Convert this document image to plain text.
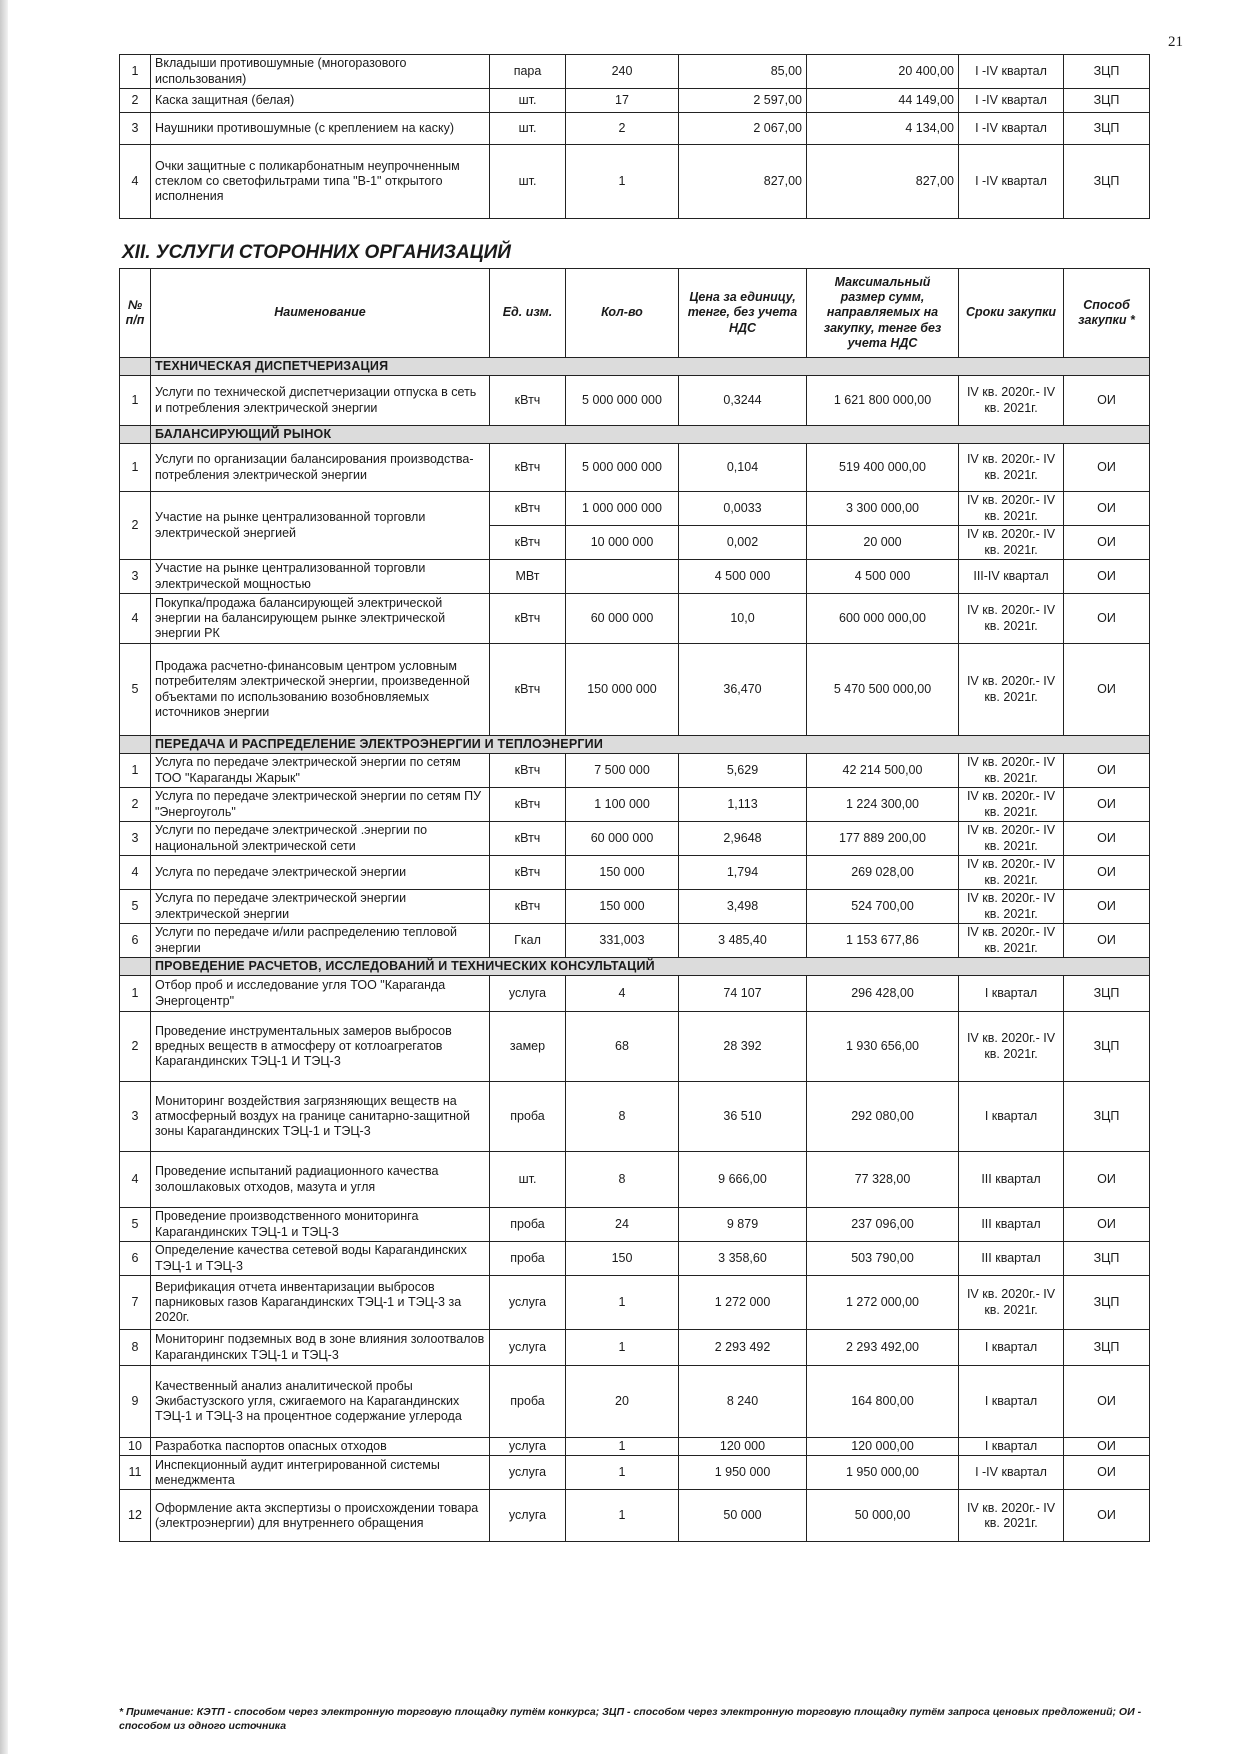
21
1	Вкладыши противошумные (многоразового использования)	пара	240	85,00	20 400,00	I -IV квартал	ЗЦП
2	Каска защитная (белая)	шт.	17	2 597,00	44 149,00	I -IV квартал	ЗЦП
3	Наушники противошумные (с креплением на каску)	шт.	2	2 067,00	4 134,00	I -IV квартал	ЗЦП
4	Очки защитные с поликарбонатным неупрочненным стеклом со светофильтрами типа "В-1" открытого исполнения	шт.	1	827,00	827,00	I -IV квартал	ЗЦП
XII. УСЛУГИ СТОРОННИХ ОРГАНИЗАЦИЙ
№ п/п	Наименование	Ед. изм.	Кол-во	Цена за единицу, тенге, без учета НДС	Максимальный размер сумм, направляемых на закупку, тенге без учета НДС	Сроки закупки	Способ закупки *
	ТЕХНИЧЕСКАЯ ДИСПЕТЧЕРИЗАЦИЯ						
1	Услуги по технической диспетчеризации отпуска в сеть и потребления электрической энергии	кВтч	5 000 000 000	0,3244	1 621 800 000,00	IV кв. 2020г.- IV кв. 2021г.	ОИ
	БАЛАНСИРУЮЩИЙ РЫНОК						
1	Услуги по организации балансирования производства-потребления электрической энергии	кВтч	5 000 000 000	0,104	519 400 000,00	IV кв. 2020г.- IV кв. 2021г.	ОИ
2	Участие на рынке централизованной торговли электрической энергией	кВтч	1 000 000 000	0,0033	3 300 000,00	IV кв. 2020г.- IV кв. 2021г.	ОИ
		кВтч	10 000 000	0,002	20 000	IV кв. 2020г.- IV кв. 2021г.	ОИ
3	Участие на рынке централизованной торговли электрической мощностью	МВт		4 500 000	4 500 000	III-IV квартал	ОИ
4	Покупка/продажа балансирующей электрической энергии на балансирующем рынке электрической энергии РК	кВтч	60 000 000	10,0	600 000 000,00	IV кв. 2020г.- IV кв. 2021г.	ОИ
5	Продажа расчетно-финансовым центром условным потребителям электрической энергии, произведенной объектами по использованию возобновляемых источников энергии	кВтч	150 000 000	36,470	5 470 500 000,00	IV кв. 2020г.- IV кв. 2021г.	ОИ
	ПЕРЕДАЧА И РАСПРЕДЕЛЕНИЕ ЭЛЕКТРОЭНЕРГИИ И ТЕПЛОЭНЕРГИИ						
1	Услуга по передаче электрической энергии по сетям ТОО "Караганды Жарык"	кВтч	7 500 000	5,629	42 214 500,00	IV кв. 2020г.- IV кв. 2021г.	ОИ
2	Услуга по передаче электрической энергии по сетям ПУ "Энергоуголь"	кВтч	1 100 000	1,113	1 224 300,00	IV кв. 2020г.- IV кв. 2021г.	ОИ
3	Услуги по передаче электрической .энергии по национальной электрической сети	кВтч	60 000 000	2,9648	177 889 200,00	IV кв. 2020г.- IV кв. 2021г.	ОИ
4	Услуга по передаче электрической энергии	кВтч	150 000	1,794	269 028,00	IV кв. 2020г.- IV кв. 2021г.	ОИ
5	Услуга по передаче электрической энергии электрической энергии	кВтч	150 000	3,498	524 700,00	IV кв. 2020г.- IV кв. 2021г.	ОИ
6	Услуги по передаче и/или распределению тепловой энергии	Гкал	331,003	3 485,40	1 153 677,86	IV кв. 2020г.- IV кв. 2021г.	ОИ
	ПРОВЕДЕНИЕ РАСЧЕТОВ, ИССЛЕДОВАНИЙ И ТЕХНИЧЕСКИХ КОНСУЛЬТАЦИЙ						
1	Отбор проб и исследование угля ТОО "Караганда Энергоцентр"	услуга	4	74 107	296 428,00	I квартал	ЗЦП
2	Проведение инструментальных замеров выбросов вредных веществ в атмосферу от котлоагрегатов Карагандинских ТЭЦ-1 И ТЭЦ-3	замер	68	28 392	1 930 656,00	IV кв. 2020г.- IV кв. 2021г.	ЗЦП
3	Мониторинг воздействия загрязняющих веществ на атмосферный воздух на границе санитарно-защитной зоны Карагандинских ТЭЦ-1 и ТЭЦ-3	проба	8	36 510	292 080,00	I квартал	ЗЦП
4	Проведение испытаний радиационного качества золошлаковых отходов, мазута и угля	шт.	8	9 666,00	77 328,00	III квартал	ОИ
5	Проведение производственного мониторинга Карагандинских ТЭЦ-1 и ТЭЦ-3	проба	24	9 879	237 096,00	III квартал	ОИ
6	Определение качества сетевой воды Карагандинских ТЭЦ-1 и ТЭЦ-3	проба	150	3 358,60	503 790,00	III квартал	ЗЦП
7	Верификация отчета инвентаризации выбросов парниковых газов Карагандинских ТЭЦ-1 и ТЭЦ-3 за 2020г.	услуга	1	1 272 000	1 272 000,00	IV кв. 2020г.- IV кв. 2021г.	ЗЦП
8	Мониторинг подземных вод в зоне влияния золоотвалов Карагандинских ТЭЦ-1 и ТЭЦ-3	услуга	1	2 293 492	2 293 492,00	I квартал	ЗЦП
9	Качественный анализ аналитической пробы Экибастузского угля, сжигаемого на Карагандинских ТЭЦ-1 и ТЭЦ-3 на процентное содержание углерода	проба	20	8 240	164 800,00	I квартал	ОИ
10	Разработка паспортов опасных отходов	услуга	1	120 000	120 000,00	I квартал	ОИ
11	Инспекционный аудит интегрированной системы менеджмента	услуга	1	1 950 000	1 950 000,00	I -IV квартал	ОИ
12	Оформление акта экспертизы о происхождении товара (электроэнергии) для внутреннего обращения	услуга	1	50 000	50 000,00	IV кв. 2020г.- IV кв. 2021г.	ОИ
* Примечание: КЭТП - способом через электронную торговую площадку путём конкурса; ЗЦП - способом через электронную торговую площадку путём запроса ценовых предложений; ОИ - способом из одного источника
